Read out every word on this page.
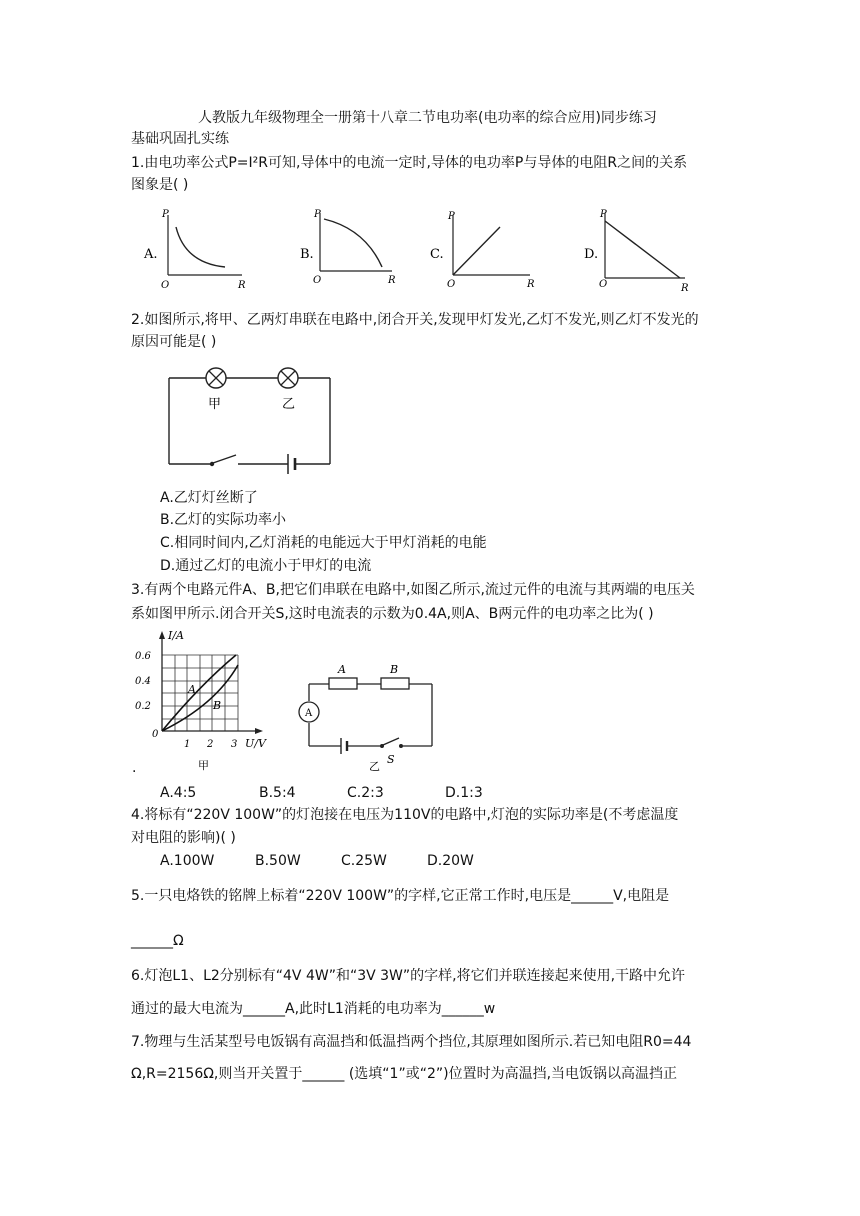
人教版九年级物理全一册第十八章二节电功率(电功率的综合应用)同步练习
基础巩固扎实练
1.由电功率公式P=I²R可知,导体中的电流一定时,导体的电功率P与导体的电阻R之间的关系
图象是( )
A.
P
O	R
B.
P
O	R
C.
P
O	R
D.
P
O	R
2.如图所示,将甲、乙两灯串联在电路中,闭合开关,发现甲灯发光,乙灯不发光,则乙灯不发光的
原因可能是( )
甲	乙
A.乙灯灯丝断了
B.乙灯的实际功率小
C.相同时间内,乙灯消耗的电能远大于甲灯消耗的电能
D.通过乙灯的电流小于甲灯的电流
3.有两个电路元件A、B,把它们串联在电路中,如图乙所示,流过元件的电流与其两端的电压关
系如图甲所示.闭合开关S,这时电流表的示数为0.4A,则A、B两元件的电功率之比为( )
I/A
0.6
0.4
0.2
0
1 2 3 U/V
A
B
甲
A	B
A
S
乙
.
A.4:5	B.5:4	C.2:3	D.1:3
4.将标有“220V 100W”的灯泡接在电压为110V的电路中,灯泡的实际功率是(不考虑温度
对电阻的影响)( )
A.100W	B.50W	C.25W	D.20W
5.一只电烙铁的铭牌上标着“220V 100W”的字样,它正常工作时,电压是______V,电阻是
______Ω
6.灯泡L1、L2分别标有“4V 4W”和“3V 3W”的字样,将它们并联连接起来使用,干路中允许
通过的最大电流为______A,此时L1消耗的电功率为______w
7.物理与生活某型号电饭锅有高温挡和低温挡两个挡位,其原理如图所示.若已知电阻R0=44
Ω,R=2156Ω,则当开关置于______ (选填“1”或“2”)位置时为高温挡,当电饭锅以高温挡正
